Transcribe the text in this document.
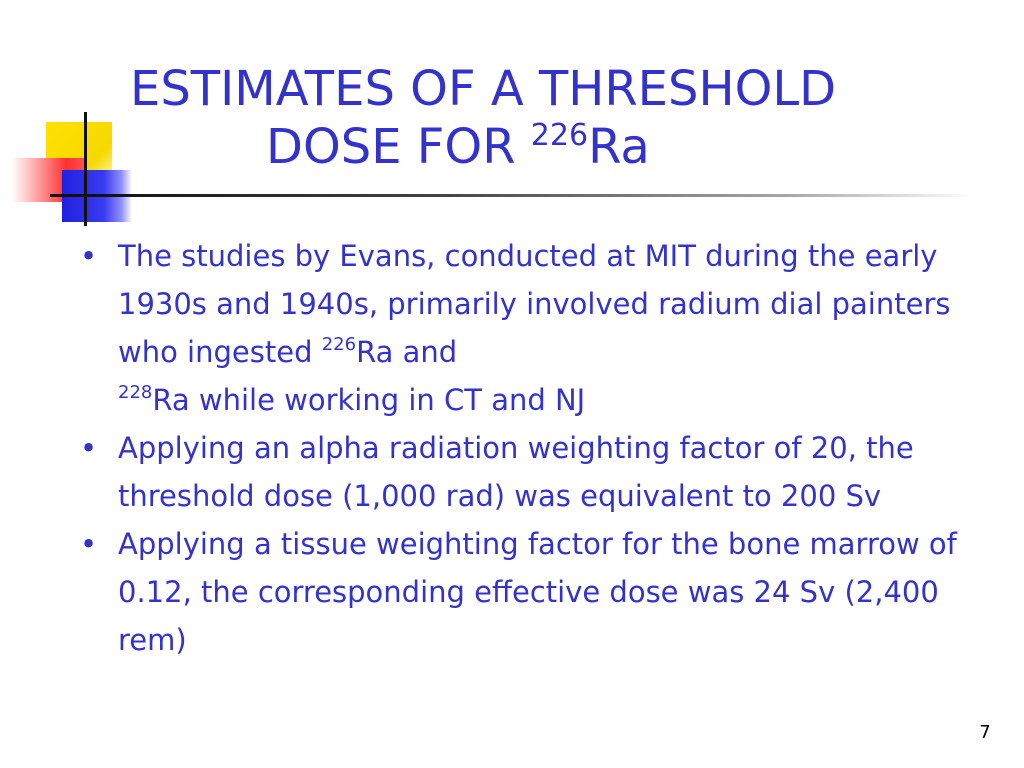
ESTIMATES OF A THRESHOLD
DOSE FOR $^{226}$Ra
• The studies by Evans, conducted at MIT during the early 1930s and 1940s, primarily involved radium dial painters who ingested $^{226}$Ra and
$^{228}$Ra while working in CT and NJ
• Applying an alpha radiation weighting factor of 20, the threshold dose (1,000 rad) was equivalent to 200 Sv
• Applying a tissue weighting factor for the bone marrow of 0.12, the corresponding effective dose was 24 Sv (2,400 rem)
7
